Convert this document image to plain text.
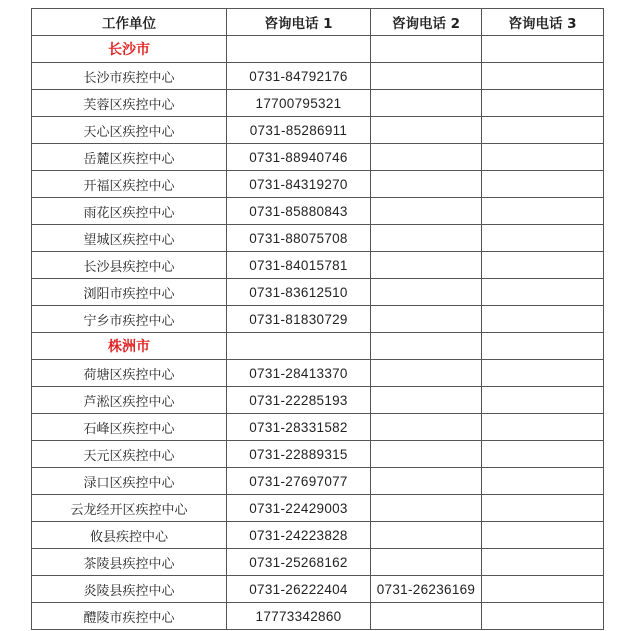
工作单位	咨询电话 1	咨询电话 2	咨询电话 3
长沙市			
长沙市疾控中心	0731-84792176		
芙蓉区疾控中心	17700795321		
天心区疾控中心	0731-85286911		
岳麓区疾控中心	0731-88940746		
开福区疾控中心	0731-84319270		
雨花区疾控中心	0731-85880843		
望城区疾控中心	0731-88075708		
长沙县疾控中心	0731-84015781		
浏阳市疾控中心	0731-83612510		
宁乡市疾控中心	0731-81830729		
株洲市			
荷塘区疾控中心	0731-28413370		
芦淞区疾控中心	0731-22285193		
石峰区疾控中心	0731-28331582		
天元区疾控中心	0731-22889315		
渌口区疾控中心	0731-27697077		
云龙经开区疾控中心	0731-22429003		
攸县疾控中心	0731-24223828		
茶陵县疾控中心	0731-25268162		
炎陵县疾控中心	0731-26222404	0731-26236169	
醴陵市疾控中心	17773342860		
